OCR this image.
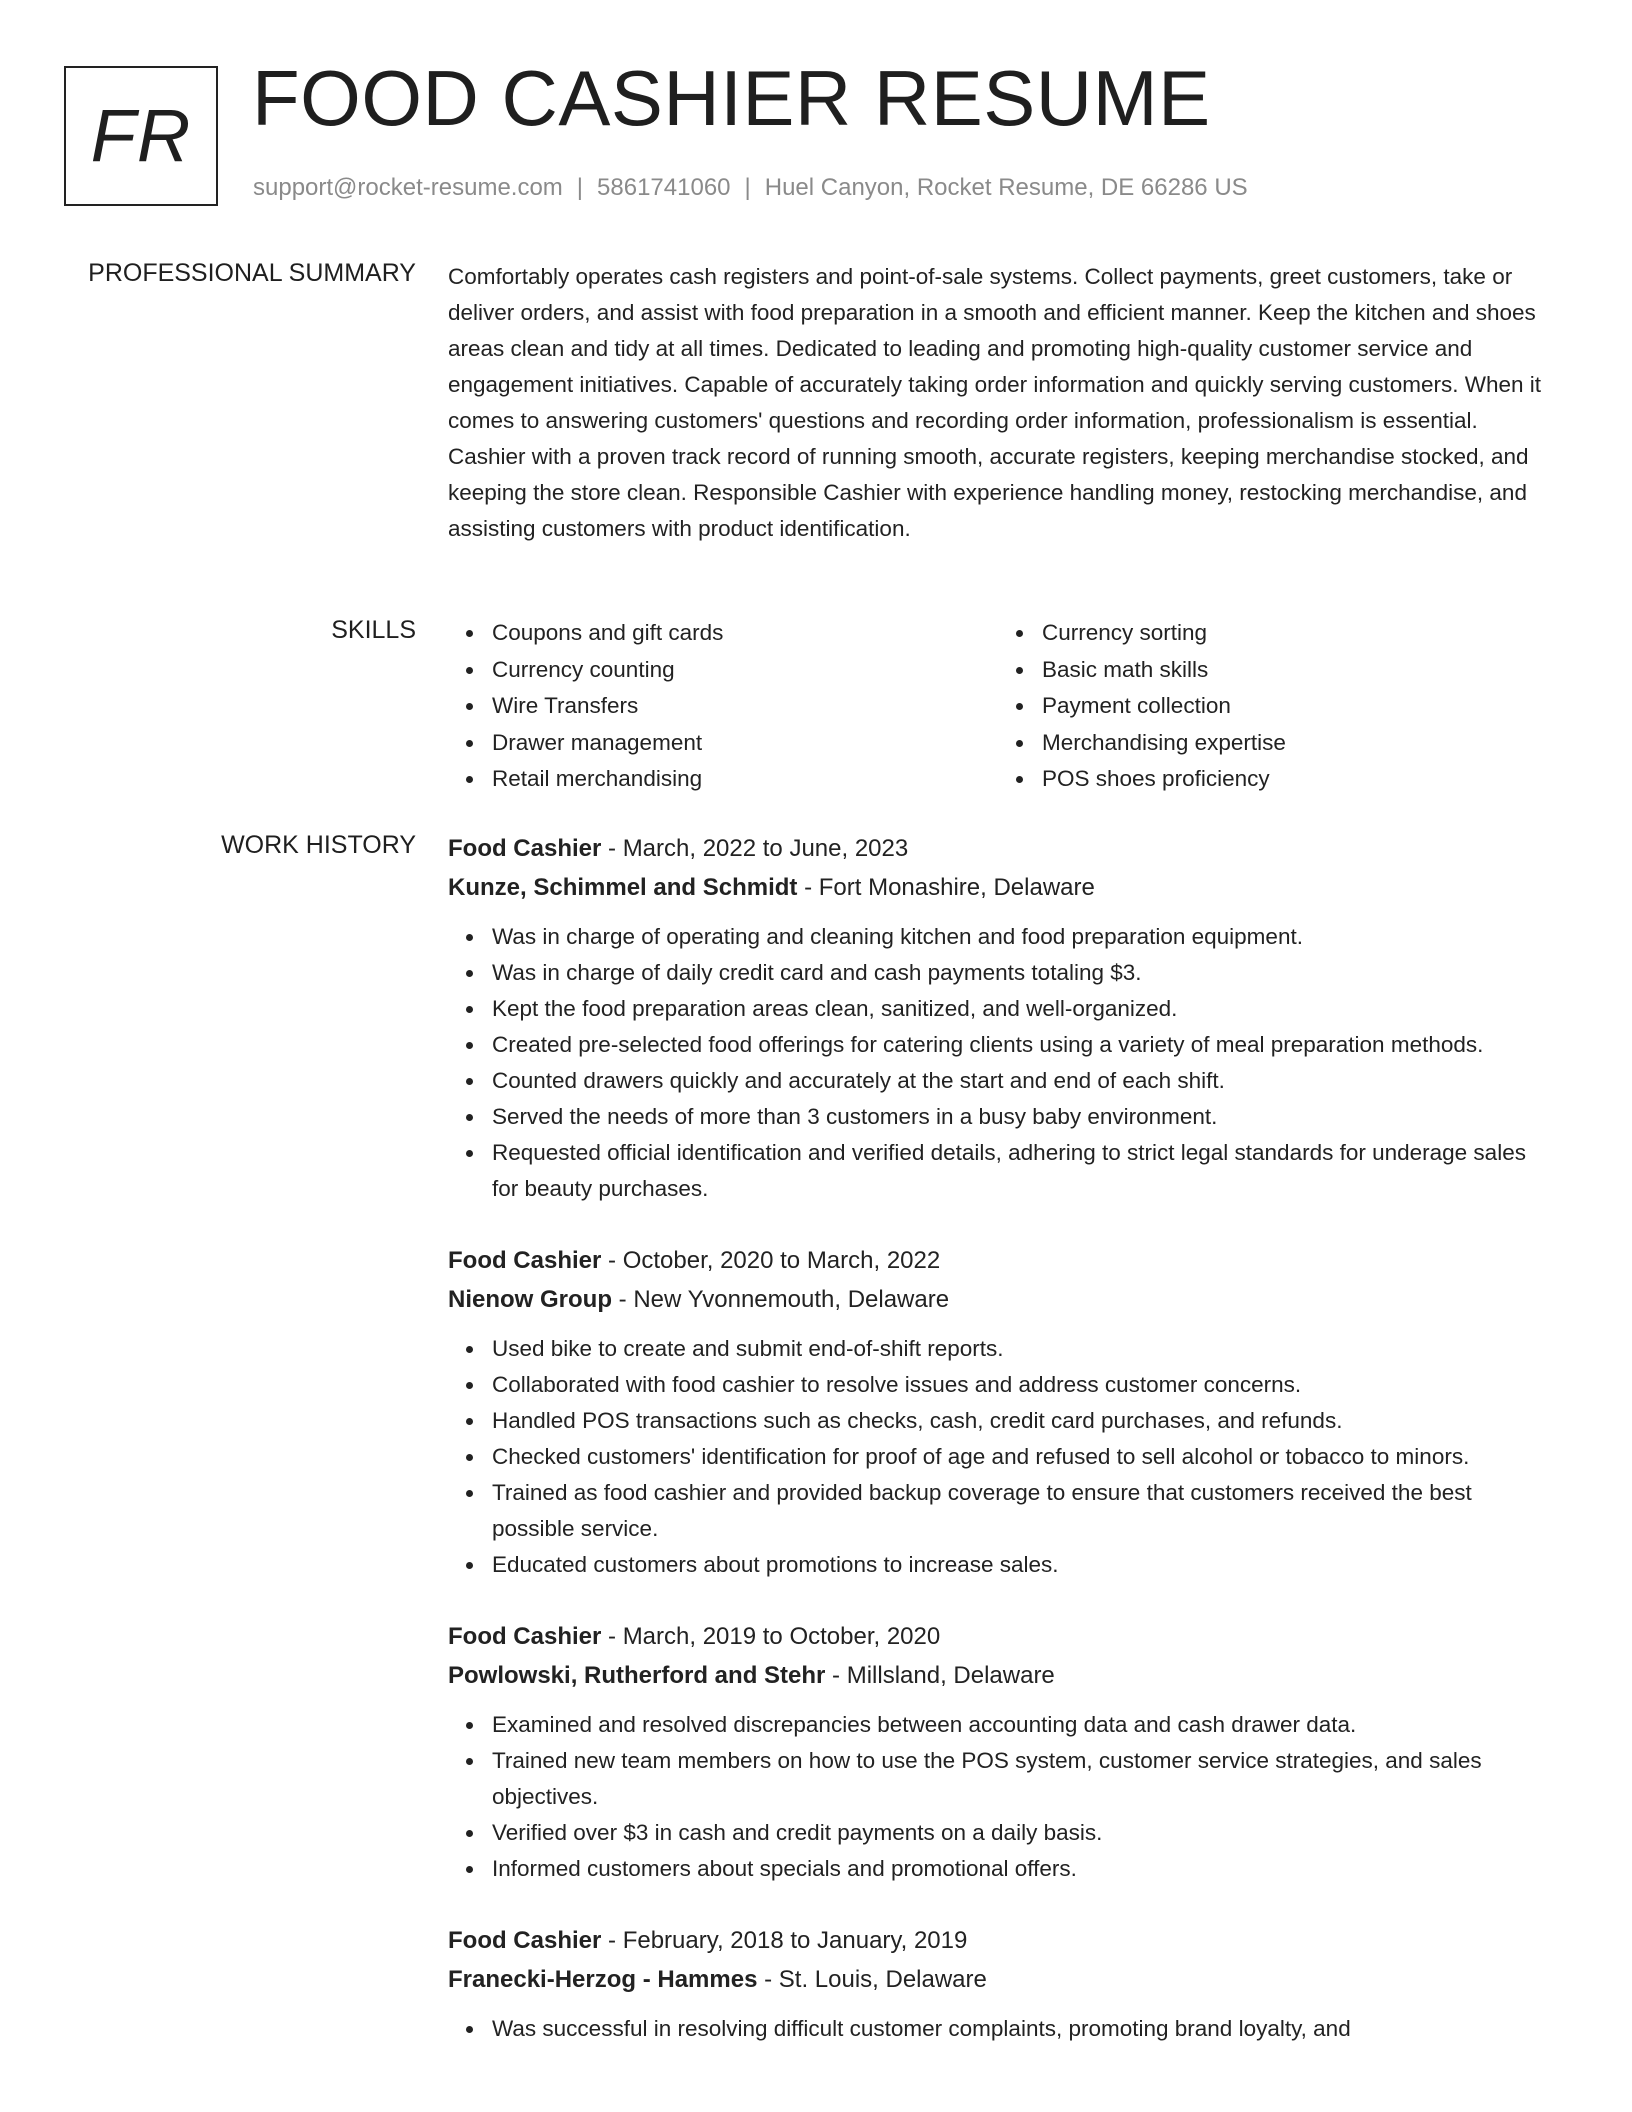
FR FOOD CASHIER RESUME
support@rocket-resume.com | 5861741060 | Huel Canyon, Rocket Resume, DE 66286 US
PROFESSIONAL SUMMARY Comfortably operates cash registers and point-of-sale systems. Collect payments, greet customers, take or deliver orders, and assist with food preparation in a smooth and efficient manner. Keep the kitchen and shoes areas clean and tidy at all times. Dedicated to leading and promoting high-quality customer service and engagement initiatives. Capable of accurately taking order information and quickly serving customers. When it comes to answering customers' questions and recording order information, professionalism is essential. Cashier with a proven track record of running smooth, accurate registers, keeping merchandise stocked, and keeping the store clean. Responsible Cashier with experience handling money, restocking merchandise, and assisting customers with product identification.

SKILLS	Coupons and gift cards
Currency counting
Wire Transfers
Drawer management
Retail merchandising
Currency sorting
Basic math skills
Payment collection
Merchandising expertise
POS shoes proficiency
WORK HISTORY Food Cashier - March, 2022 to June, 2023
Kunze, Schimmel and Schmidt - Fort Monashire, Delaware
Was in charge of operating and cleaning kitchen and food preparation equipment.
Was in charge of daily credit card and cash payments totaling $3.
Kept the food preparation areas clean, sanitized, and well-organized.
Created pre-selected food offerings for catering clients using a variety of meal preparation methods.
Counted drawers quickly and accurately at the start and end of each shift.
Served the needs of more than 3 customers in a busy baby environment.
Requested official identification and verified details, adhering to strict legal standards for underage sales for beauty purchases.
Food Cashier - October, 2020 to March, 2022
Nienow Group - New Yvonnemouth, Delaware
Used bike to create and submit end-of-shift reports.
Collaborated with food cashier to resolve issues and address customer concerns.
Handled POS transactions such as checks, cash, credit card purchases, and refunds.
Checked customers' identification for proof of age and refused to sell alcohol or tobacco to minors.
Trained as food cashier and provided backup coverage to ensure that customers received the best possible service.
Educated customers about promotions to increase sales.
Food Cashier - March, 2019 to October, 2020
Powlowski, Rutherford and Stehr - Millsland, Delaware
Examined and resolved discrepancies between accounting data and cash drawer data.
Trained new team members on how to use the POS system, customer service strategies, and sales objectives.
Verified over $3 in cash and credit payments on a daily basis.
Informed customers about specials and promotional offers.
Food Cashier - February, 2018 to January, 2019
Franecki-Herzog - Hammes - St. Louis, Delaware
Was successful in resolving difficult customer complaints, promoting brand loyalty, and
